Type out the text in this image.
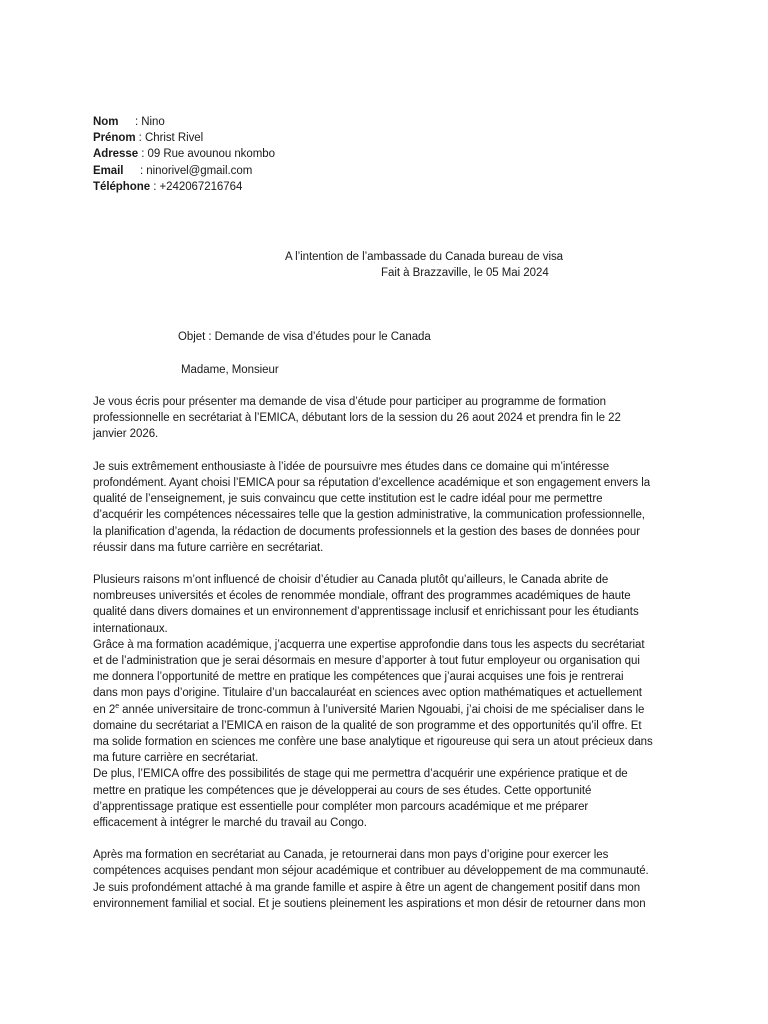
Nom : Nino
Prénom : Christ Rivel
Adresse : 09 Rue avounou nkombo
Email : ninorivel@gmail.com
Téléphone : +242067216764
A l’intention de l’ambassade du Canada bureau de visa
Fait à Brazzaville, le 05 Mai 2024
Objet : Demande de visa d’études pour le Canada
Madame, Monsieur
Je vous écris pour présenter ma demande de visa d’étude pour participer au programme de formation
professionnelle en secrétariat à l’EMICA, débutant lors de la session du 26 aout 2024 et prendra fin le 22
janvier 2026.
Je suis extrêmement enthousiaste à l’idée de poursuivre mes études dans ce domaine qui m’intéresse
profondément. Ayant choisi l’EMICA pour sa réputation d’excellence académique et son engagement envers la
qualité de l’enseignement, je suis convaincu que cette institution est le cadre idéal pour me permettre
d’acquérir les compétences nécessaires telle que la gestion administrative, la communication professionnelle,
la planification d’agenda, la rédaction de documents professionnels et la gestion des bases de données pour
réussir dans ma future carrière en secrétariat.
Plusieurs raisons m’ont influencé de choisir d’étudier au Canada plutôt qu’ailleurs, le Canada abrite de
nombreuses universités et écoles de renommée mondiale, offrant des programmes académiques de haute
qualité dans divers domaines et un environnement d’apprentissage inclusif et enrichissant pour les étudiants
internationaux.
Grâce à ma formation académique, j’acquerra une expertise approfondie dans tous les aspects du secrétariat
et de l’administration que je serai désormais en mesure d’apporter à tout futur employeur ou organisation qui
me donnera l’opportunité de mettre en pratique les compétences que j’aurai acquises une fois je rentrerai
dans mon pays d’origine. Titulaire d’un baccalauréat en sciences avec option mathématiques et actuellement
en 2e année universitaire de tronc-commun à l’université Marien Ngouabi, j’ai choisi de me spécialiser dans le
domaine du secrétariat a l’EMICA en raison de la qualité de son programme et des opportunités qu’il offre. Et
ma solide formation en sciences me confère une base analytique et rigoureuse qui sera un atout précieux dans
ma future carrière en secrétariat.
De plus, l’EMICA offre des possibilités de stage qui me permettra d’acquérir une expérience pratique et de
mettre en pratique les compétences que je développerai au cours de ses études. Cette opportunité
d’apprentissage pratique est essentielle pour compléter mon parcours académique et me préparer
efficacement à intégrer le marché du travail au Congo.
Après ma formation en secrétariat au Canada, je retournerai dans mon pays d’origine pour exercer les
compétences acquises pendant mon séjour académique et contribuer au développement de ma communauté.
Je suis profondément attaché à ma grande famille et aspire à être un agent de changement positif dans mon
environnement familial et social. Et je soutiens pleinement les aspirations et mon désir de retourner dans mon
